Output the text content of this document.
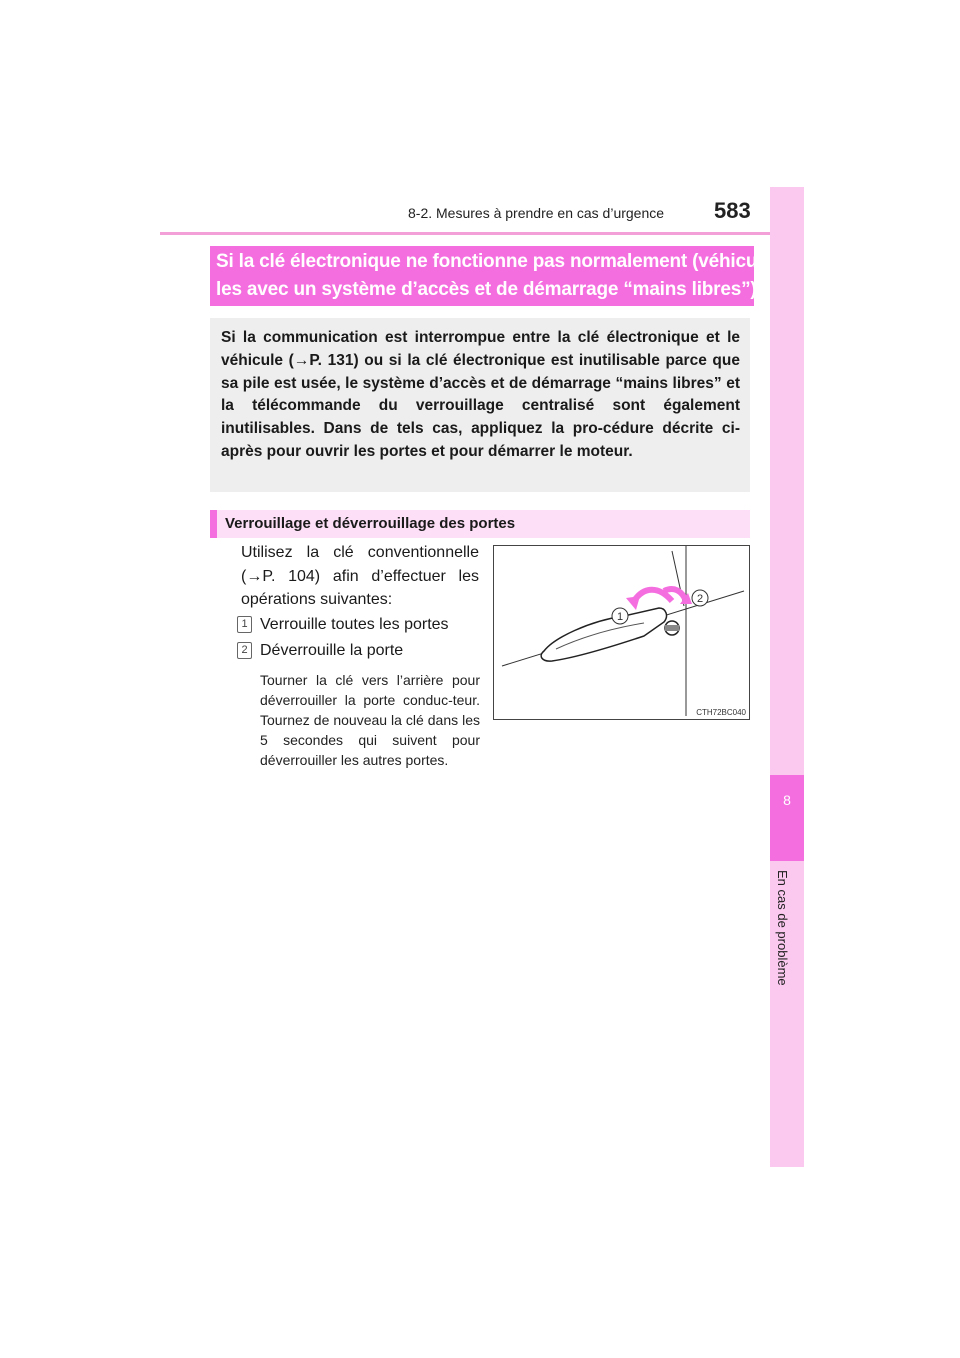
8-2. Mesures à prendre en cas d’urgence 583
8
En cas de problème
Si la clé électronique ne fonctionne pas normalement (véhicu-
les avec un système d’accès et de démarrage “mains libres”)
Si la communication est interrompue entre la clé électronique et le véhicule (→P. 131) ou si la clé électronique est inutilisable parce que sa pile est usée, le système d’accès et de démarrage “mains libres” et la télécommande du verrouillage centralisé sont également inutilisables. Dans de tels cas, appliquez la pro-cédure décrite ci-après pour ouvrir les portes et pour démarrer le moteur.
Verrouillage et déverrouillage des portes
Utilisez la clé conventionnelle (→P. 104) afin d’effectuer les opérations suivantes:
1 Verrouille toutes les portes
2 Déverrouille la porte
Tourner la clé vers l’arrière pour déverrouiller la porte conduc-teur. Tournez de nouveau la clé dans les 5 secondes qui suivent pour déverrouiller les autres portes.
1
2
CTH72BC040
